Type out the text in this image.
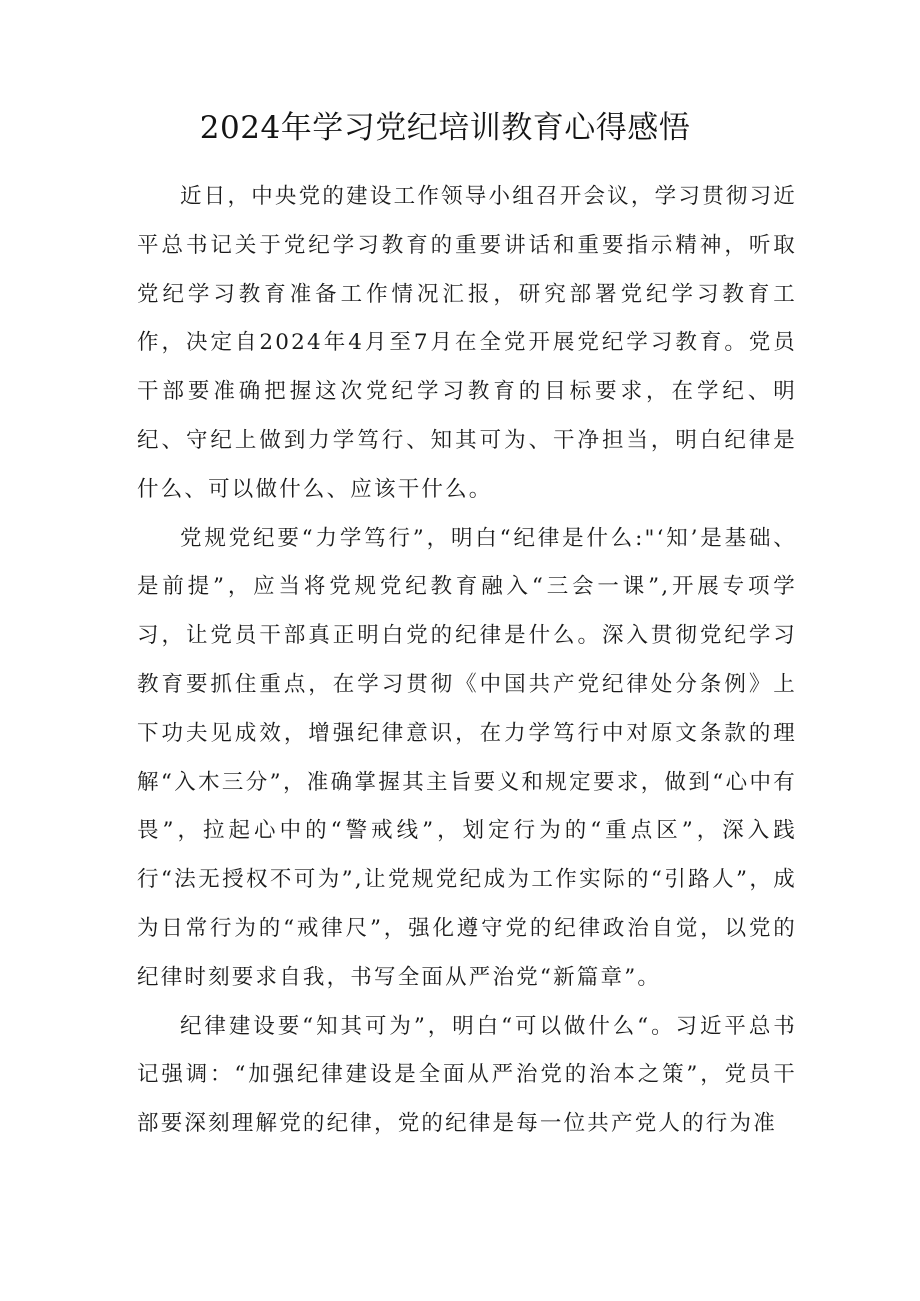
2024年学习党纪培训教育心得感悟

近日，中央党的建设工作领导小组召开会议，学习贯彻习近平总书记关于党纪学习教育的重要讲话和重要指示精神，听取党纪学习教育准备工作情况汇报，研究部署党纪学习教育工作，决定自2024年4月至7月在全党开展党纪学习教育。党员干部要准确把握这次党纪学习教育的目标要求，在学纪、明纪、守纪上做到力学笃行、知其可为、干净担当，明白纪律是什么、可以做什么、应该干什么。

党规党纪要“力学笃行”，明白“纪律是什么:"‘知’是基础、是前提”，应当将党规党纪教育融入“三会一课”,开展专项学习，让党员干部真正明白党的纪律是什么。深入贯彻党纪学习教育要抓住重点，在学习贯彻《中国共产党纪律处分条例》上下功夫见成效，增强纪律意识，在力学笃行中对原文条款的理解“入木三分”，准确掌握其主旨要义和规定要求，做到“心中有畏”，拉起心中的“警戒线”，划定行为的“重点区”，深入践行“法无授权不可为”,让党规党纪成为工作实际的“引路人”，成为日常行为的“戒律尺”，强化遵守党的纪律政治自觉，以党的纪律时刻要求自我，书写全面从严治党“新篇章”。

纪律建设要“知其可为”，明白“可以做什么“。习近平总书记强调：“加强纪律建设是全面从严治党的治本之策”，党员干部要深刻理解党的纪律，党的纪律是每一位共产党人的行为准
